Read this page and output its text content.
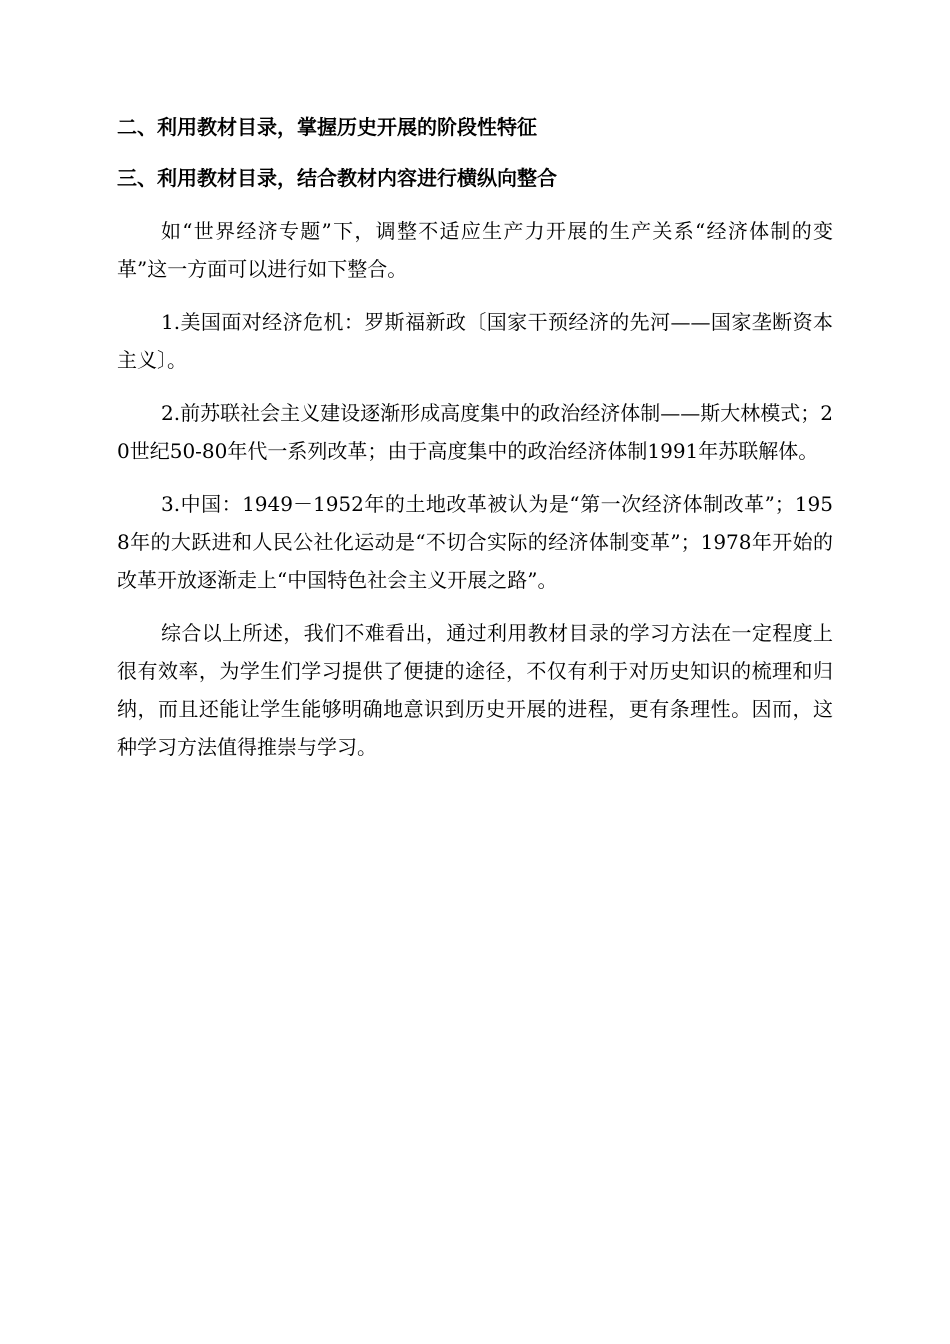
二、利用教材目录，掌握历史开展的阶段性特征
三、利用教材目录，结合教材内容进行横纵向整合

如“世界经济专题”下，调整不适应生产力开展的生产关系“经济体制的变革”这一方面可以进行如下整合。

1.美国面对经济危机：罗斯福新政〔国家干预经济的先河——国家垄断资本主义〕。

2.前苏联社会主义建设逐渐形成高度集中的政治经济体制——斯大林模式；20世纪50-80年代一系列改革；由于高度集中的政治经济体制1991年苏联解体。

3.中国：1949－1952年的土地改革被认为是“第一次经济体制改革”；1958年的大跃进和人民公社化运动是“不切合实际的经济体制变革”；1978年开始的改革开放逐渐走上“中国特色社会主义开展之路”。

综合以上所述，我们不难看出，通过利用教材目录的学习方法在一定程度上很有效率，为学生们学习提供了便捷的途径，不仅有利于对历史知识的梳理和归纳，而且还能让学生能够明确地意识到历史开展的进程，更有条理性。因而，这种学习方法值得推崇与学习。
